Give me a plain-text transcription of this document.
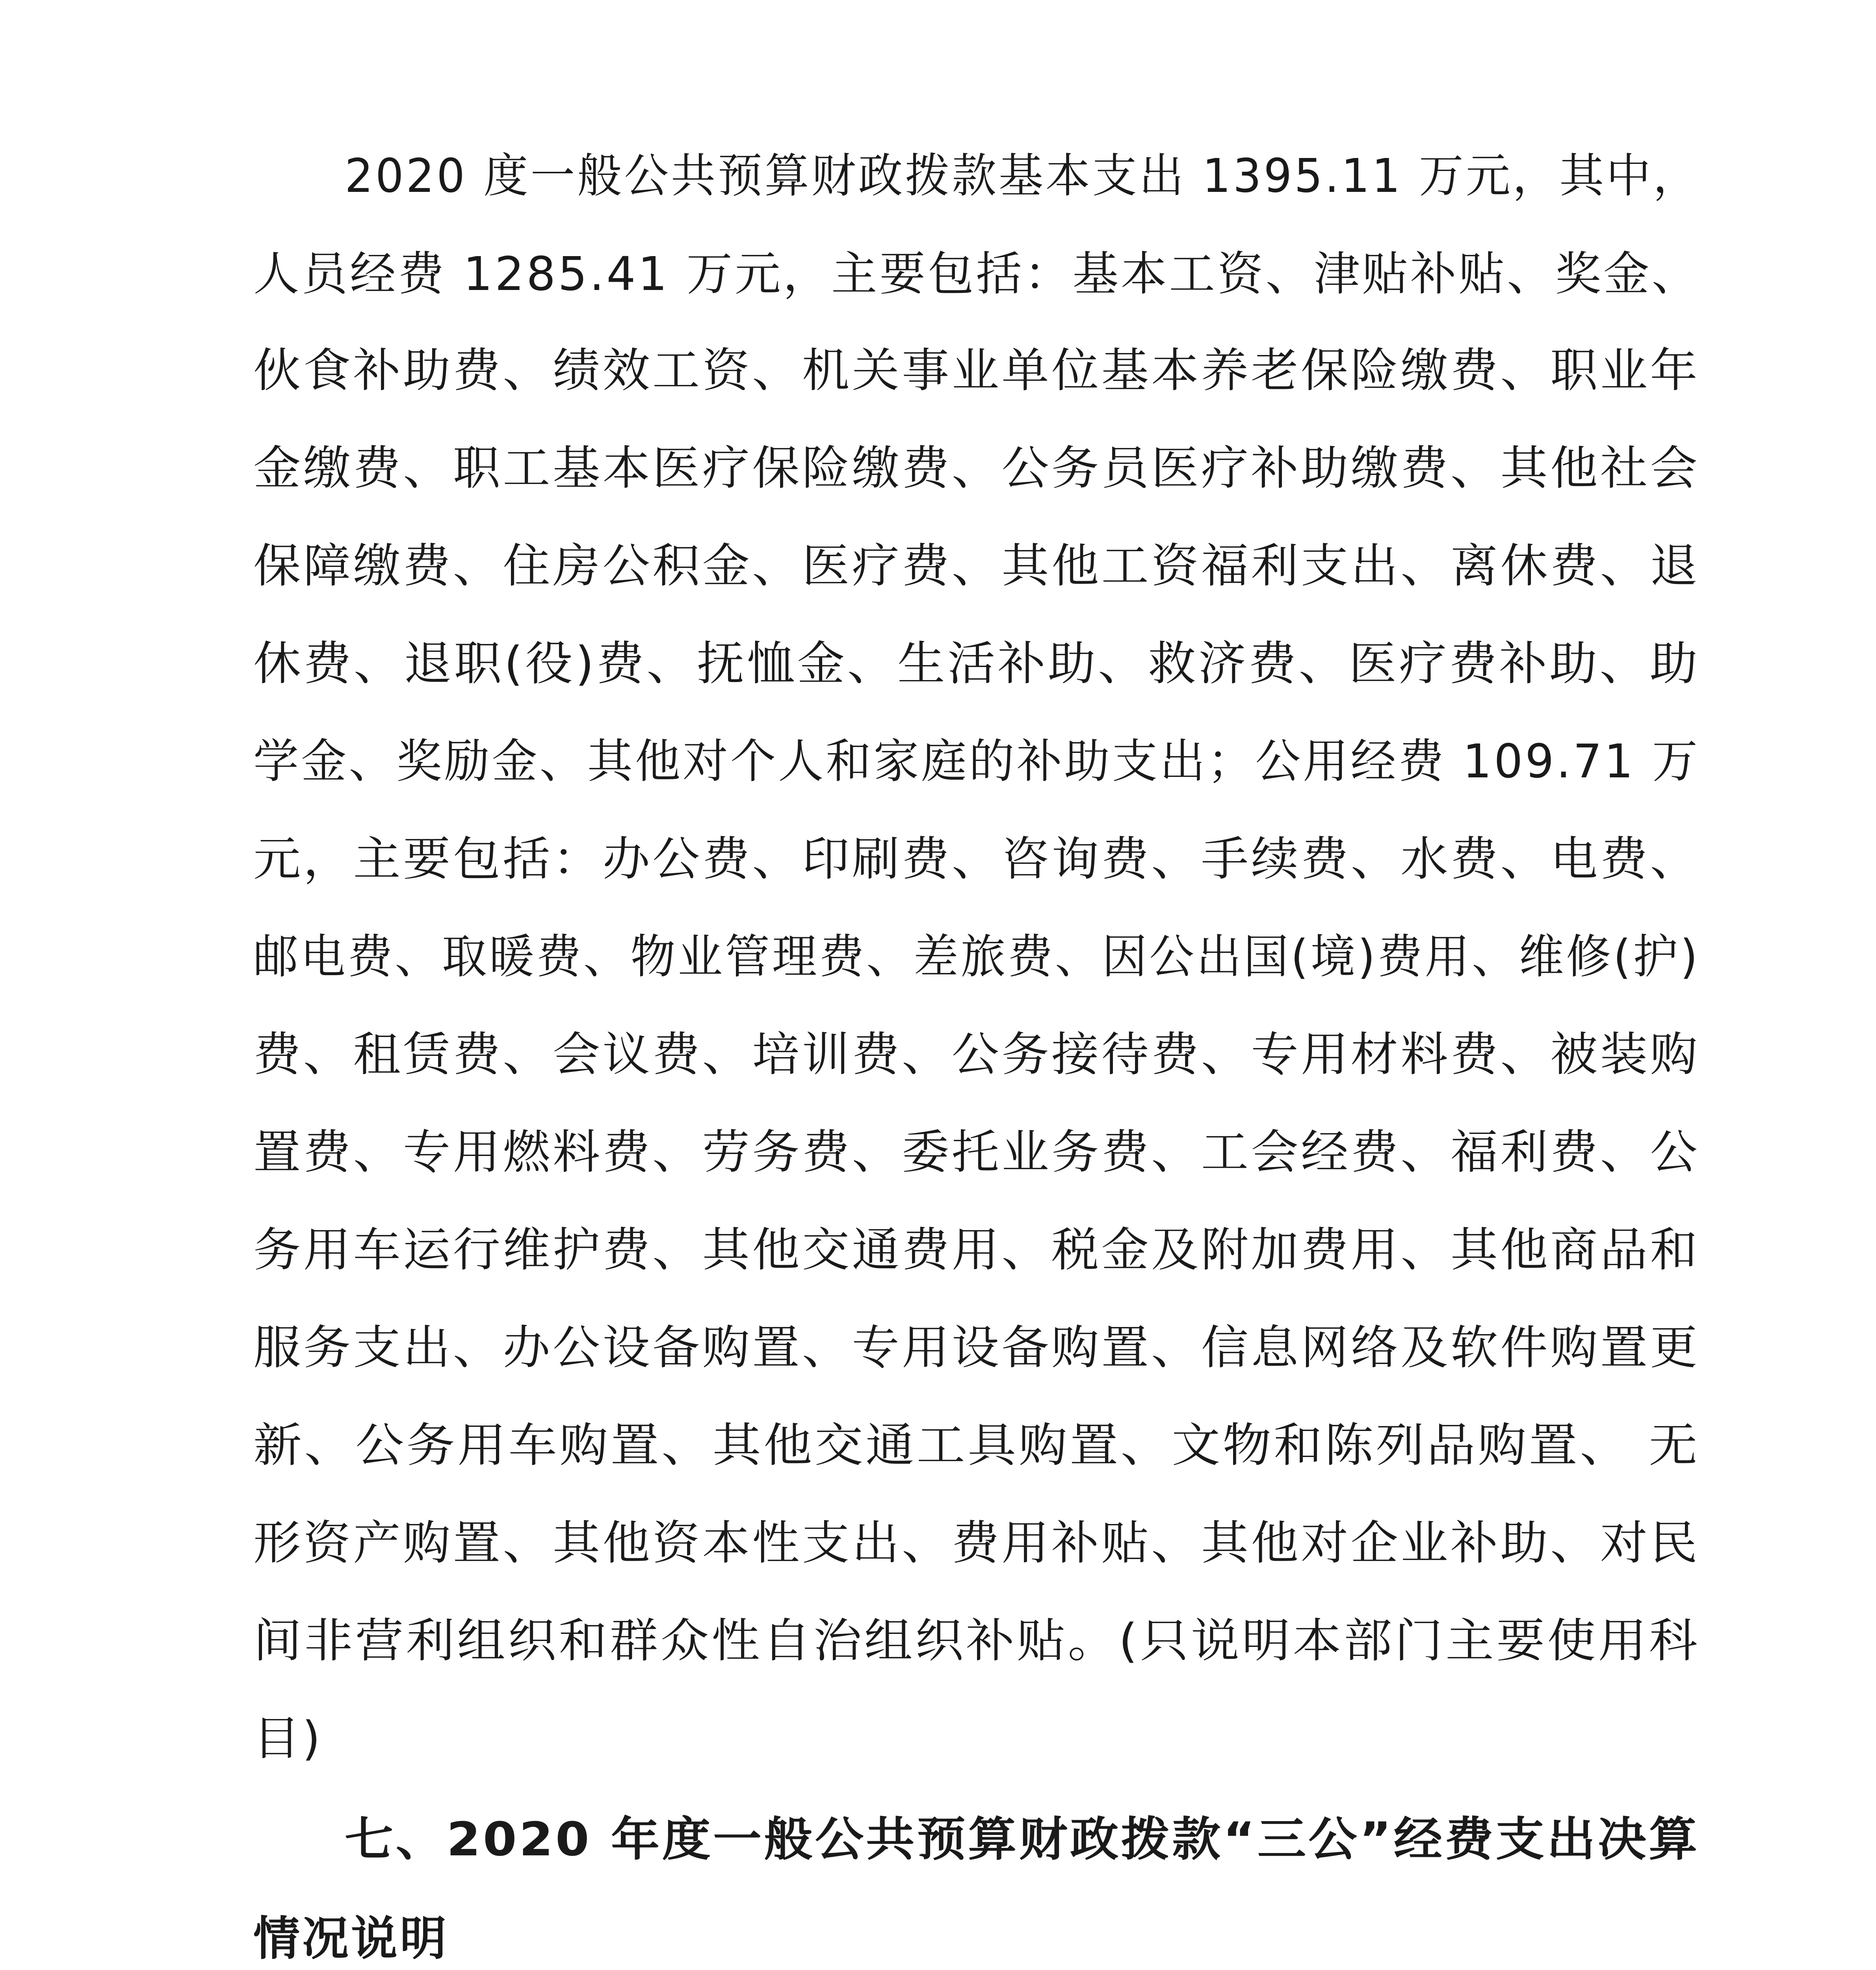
2020 度一般公共预算财政拨款基本支出 1395.11 万元，其中，
人员经费 1285.41 万元，主要包括：基本工资、津贴补贴、奖金、
伙食补助费、绩效工资、机关事业单位基本养老保险缴费、职业年
金缴费、职工基本医疗保险缴费、公务员医疗补助缴费、其他社会
保障缴费、住房公积金、医疗费、其他工资福利支出、离休费、退
休费、退职(役)费、抚恤金、生活补助、救济费、医疗费补助、助
学金、奖励金、其他对个人和家庭的补助支出；公用经费 109.71 万
元，主要包括：办公费、印刷费、咨询费、手续费、水费、电费、
邮电费、取暖费、物业管理费、差旅费、因公出国(境)费用、维修(护)
费、租赁费、会议费、培训费、公务接待费、专用材料费、被装购
置费、专用燃料费、劳务费、委托业务费、工会经费、福利费、公
务用车运行维护费、其他交通费用、税金及附加费用、其他商品和
服务支出、办公设备购置、专用设备购置、信息网络及软件购置更
新、公务用车购置、其他交通工具购置、文物和陈列品购置、 无
形资产购置、其他资本性支出、费用补贴、其他对企业补助、对民
间非营利组织和群众性自治组织补贴。(只说明本部门主要使用科
目)
七、2020 年度一般公共预算财政拨款“三公”经费支出决算
情况说明
